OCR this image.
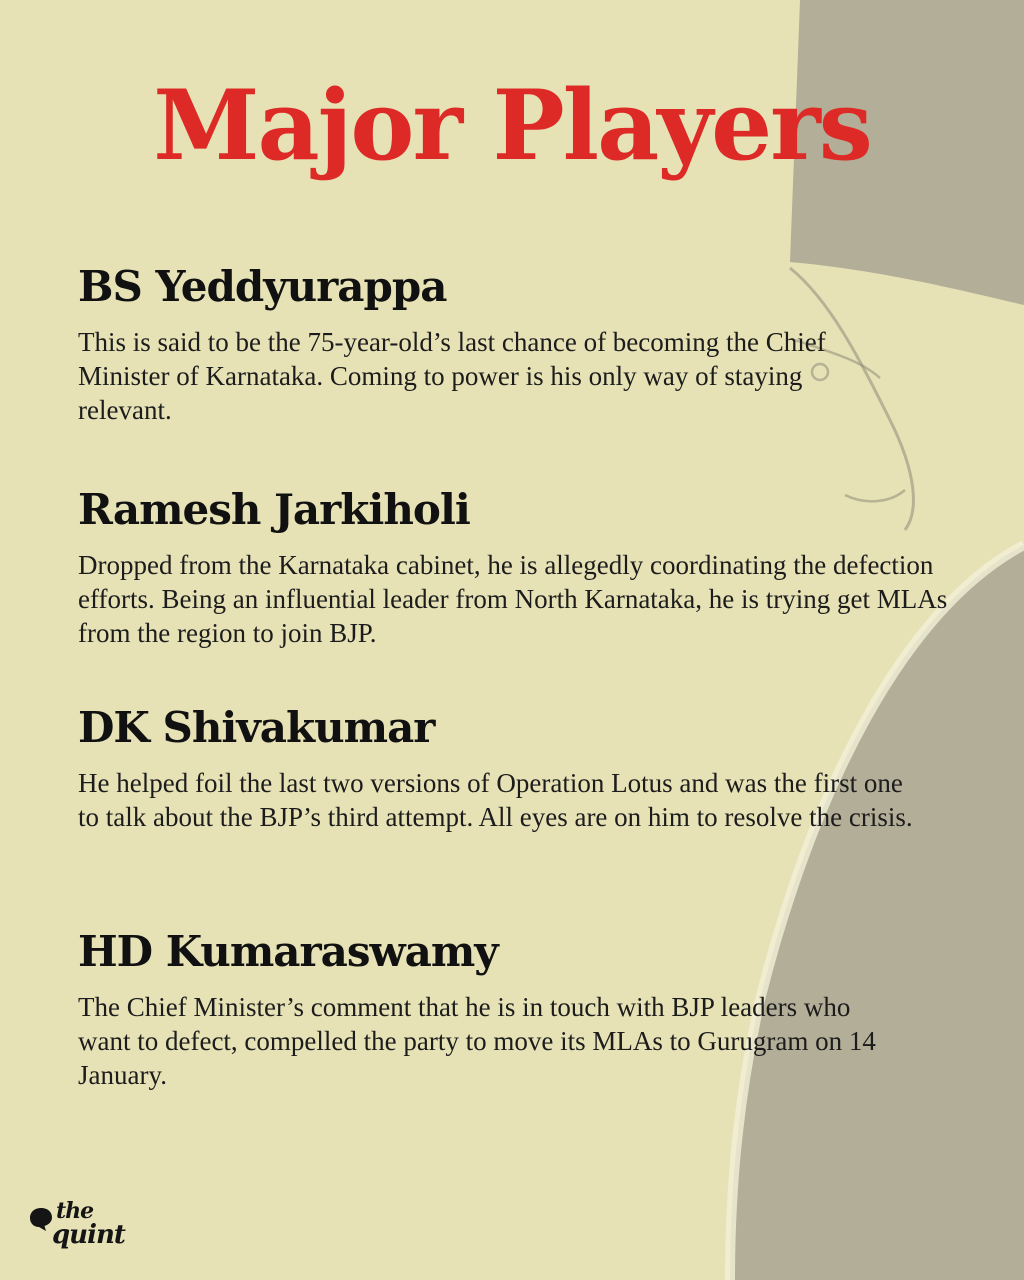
Major Players
BS Yeddyurappa

This is said to be the 75-year-old’s last chance of becoming the Chief Minister of Karnataka. Coming to power is his only way of staying relevant.

Ramesh Jarkiholi

Dropped from the Karnataka cabinet, he is allegedly coordinating the defection efforts. Being an influential leader from North Karnataka, he is trying get MLAs from the region to join BJP.

DK Shivakumar

He helped foil the last two versions of Operation Lotus and was the first one to talk about the BJP’s third attempt. All eyes are on him to resolve the crisis.

HD Kumaraswamy

The Chief Minister’s comment that he is in touch with BJP leaders who want to defect, compelled the party to move its MLAs to Gurugram on 14 January.

the
quint
